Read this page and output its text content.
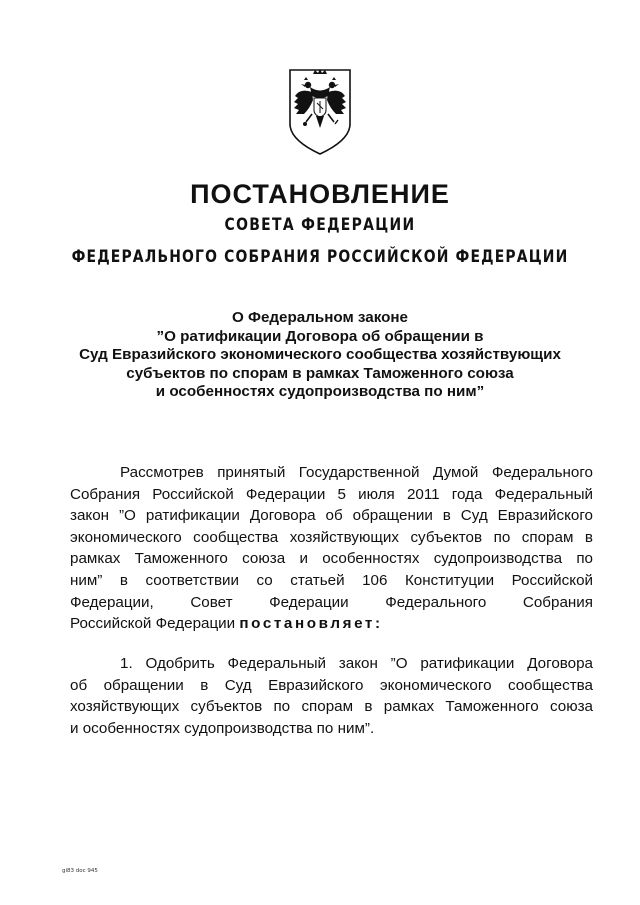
ПОСТАНОВЛЕНИЕ
СОВЕТА ФЕДЕРАЦИИ
ФЕДЕРАЛЬНОГО СОБРАНИЯ РОССИЙСКОЙ ФЕДЕРАЦИИ
О Федеральном законе
”О ратификации Договора об обращении в
Суд Евразийского экономического сообщества хозяйствующих
субъектов по спорам в рамках Таможенного союза
и особенностях судопроизводства по ним”
Рассмотрев принятый Государственной Думой Федерального
Собрания Российской Федерации 5 июля 2011 года Федеральный
закон ”О ратификации Договора об обращении в Суд Евразийского
экономического сообщества хозяйствующих субъектов по спорам в
рамках Таможенного союза и особенностях судопроизводства по
ним” в соответствии со статьей 106 Конституции Российской
Федерации, Совет Федерации Федерального Собрания
Российской Федерации постановляет:
1. Одобрить Федеральный закон ”О ратификации Договора
об обращении в Суд Евразийского экономического сообщества
хозяйствующих субъектов по спорам в рамках Таможенного союза
и особенностях судопроизводства по ним”.
gi83 doc 945
